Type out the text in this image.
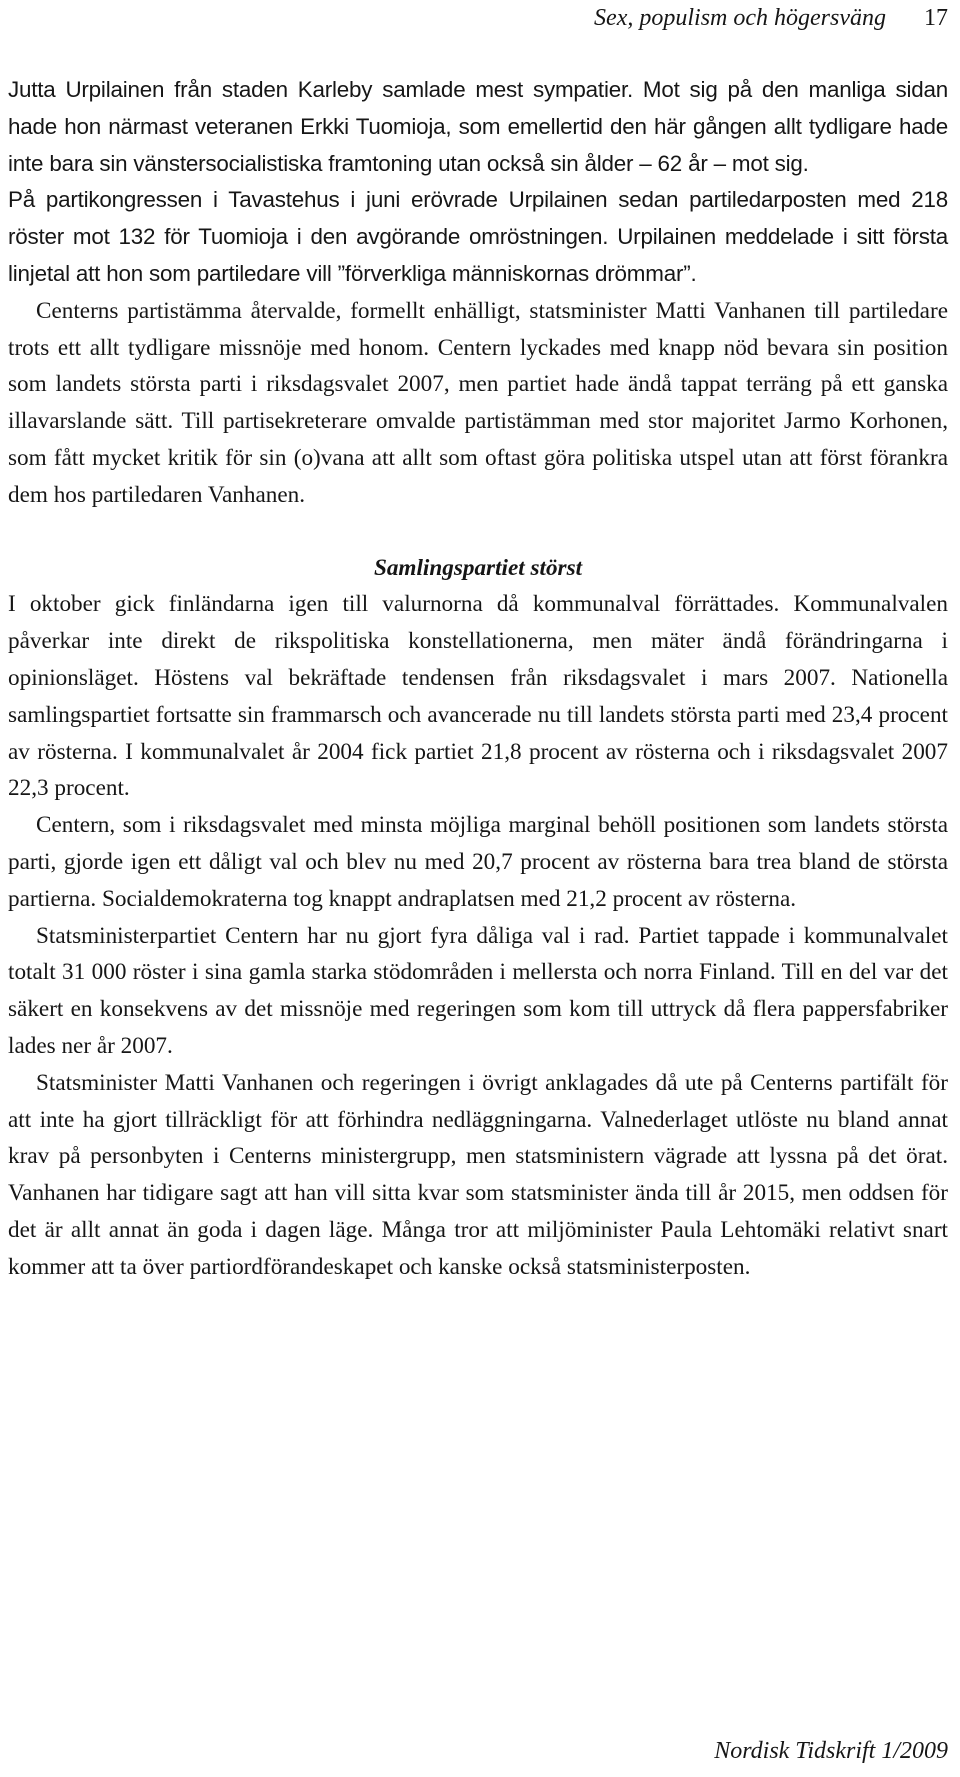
Sex, populism och högersväng 17

Jutta Urpilainen från staden Karleby samlade mest sympatier. Mot sig på den manliga sidan hade hon närmast veteranen Erkki Tuomioja, som emellertid den här gången allt tydligare hade inte bara sin vänstersocialistiska framtoning utan också sin ålder – 62 år – mot sig.

På partikongressen i Tavastehus i juni erövrade Urpilainen sedan partiledarposten med 218 röster mot 132 för Tuomioja i den avgörande omröstningen. Urpilainen meddelade i sitt första linjetal att hon som partiledare vill ”förverkliga människornas drömmar”.

Centerns partistämma återvalde, formellt enhälligt, statsminister Matti Vanhanen till partiledare trots ett allt tydligare missnöje med honom. Centern lyckades med knapp nöd bevara sin position som landets största parti i riksdagsvalet 2007, men partiet hade ändå tappat terräng på ett ganska illavarslande sätt. Till partisekreterare omvalde partistämman med stor majoritet Jarmo Korhonen, som fått mycket kritik för sin (o)vana att allt som oftast göra politiska utspel utan att först förankra dem hos partiledaren Vanhanen.

Samlingspartiet störst

I oktober gick finländarna igen till valurnorna då kommunalval förrättades. Kommunalvalen påverkar inte direkt de rikspolitiska konstellationerna, men mäter ändå förändringarna i opinionsläget. Höstens val bekräftade tendensen från riksdagsvalet i mars 2007. Nationella samlingspartiet fortsatte sin frammarsch och avancerade nu till landets största parti med 23,4 procent av rösterna. I kommunalvalet år 2004 fick partiet 21,8 procent av rösterna och i riksdagsvalet 2007 22,3 procent.

Centern, som i riksdagsvalet med minsta möjliga marginal behöll positionen som landets största parti, gjorde igen ett dåligt val och blev nu med 20,7 procent av rösterna bara trea bland de största partierna. Socialdemokraterna tog knappt andraplatsen med 21,2 procent av rösterna.

Statsministerpartiet Centern har nu gjort fyra dåliga val i rad. Partiet tappade i kommunalvalet totalt 31 000 röster i sina gamla starka stödområden i mellersta och norra Finland. Till en del var det säkert en konsekvens av det missnöje med regeringen som kom till uttryck då flera pappersfabriker lades ner år 2007.

Statsminister Matti Vanhanen och regeringen i övrigt anklagades då ute på Centerns partifält för att inte ha gjort tillräckligt för att förhindra nedläggningarna. Valnederlaget utlöste nu bland annat krav på personbyten i Centerns ministergrupp, men statsministern vägrade att lyssna på det örat. Vanhanen har tidigare sagt att han vill sitta kvar som statsminister ända till år 2015, men oddsen för det är allt annat än goda i dagen läge. Många tror att miljöminister Paula Lehtomäki relativt snart kommer att ta över partiordförandeskapet och kanske också statsministerposten.

Nordisk Tidskrift 1/2009
